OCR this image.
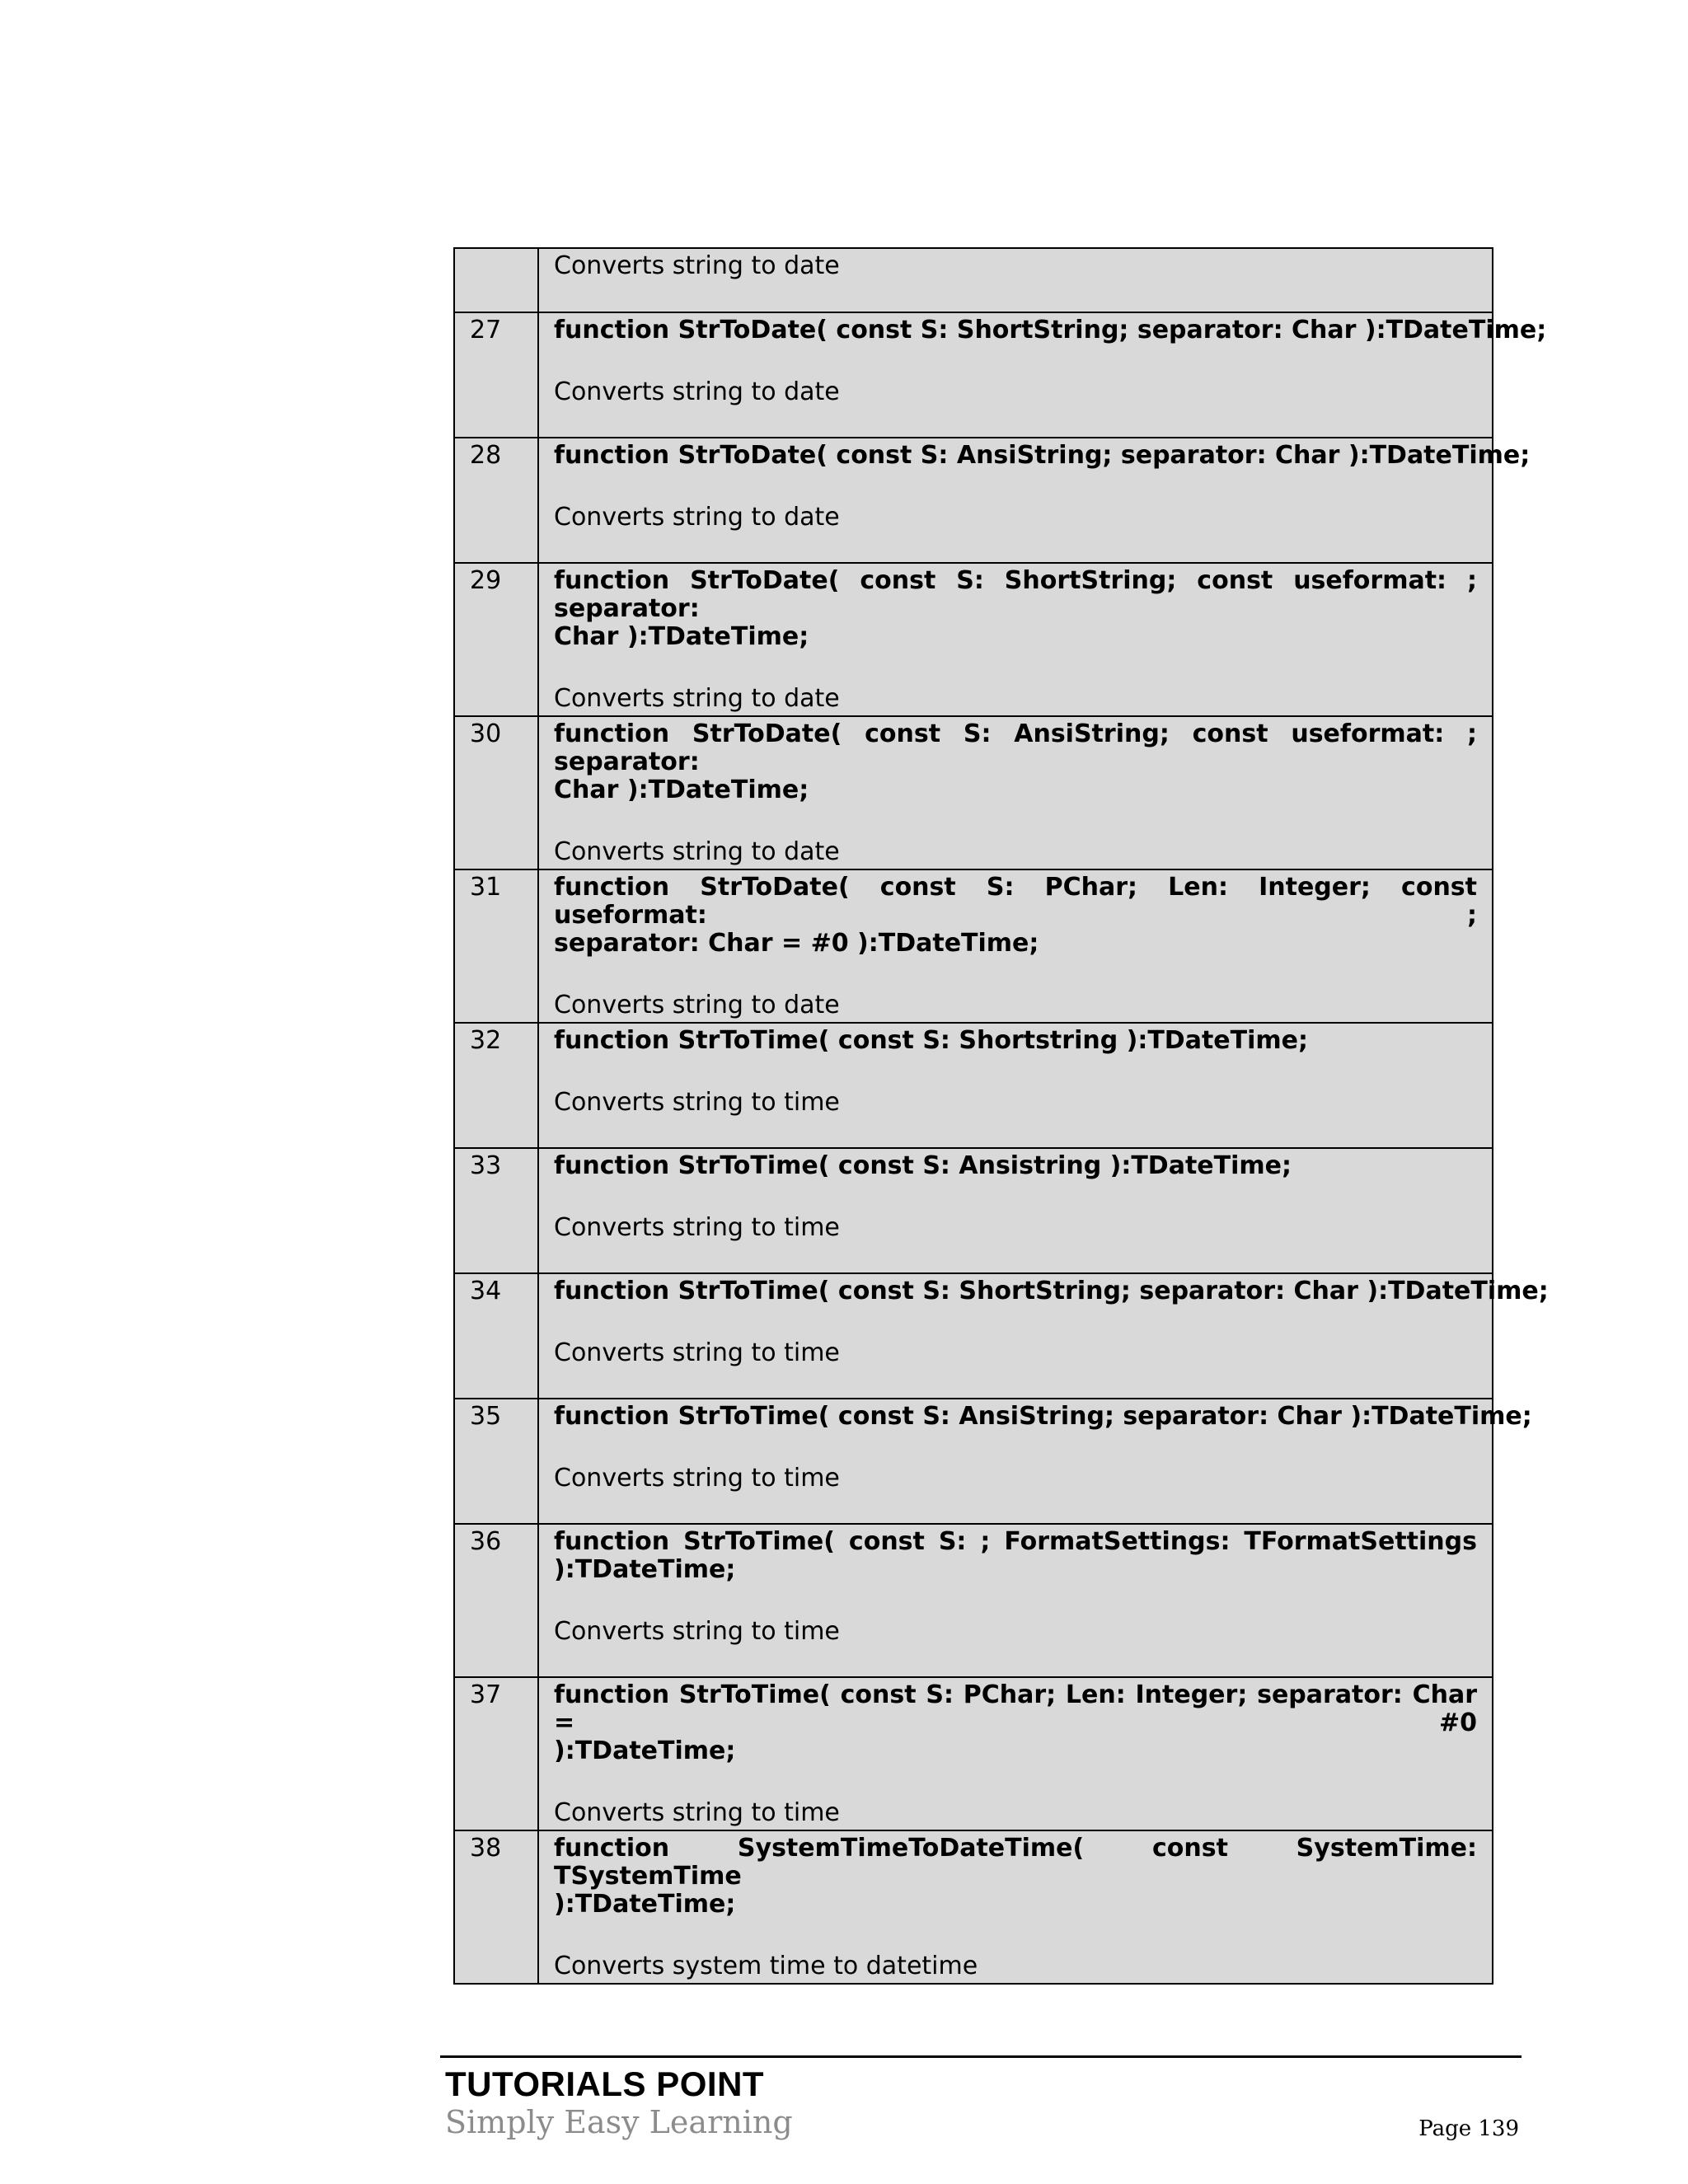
	Converts string to date

27	function StrToDate( const S: ShortString; separator: Char ):TDateTime;
Converts string to date

28	function StrToDate( const S: AnsiString; separator: Char ):TDateTime;
Converts string to date

29	function StrToDate( const S: ShortString; const useformat: ; separator:
Char ):TDateTime;
Converts string to date

30	function StrToDate( const S: AnsiString; const useformat: ; separator:
Char ):TDateTime;
Converts string to date

31	function StrToDate( const S: PChar; Len: Integer; const useformat: ;
separator: Char = #0 ):TDateTime;
Converts string to date

32	function StrToTime( const S: Shortstring ):TDateTime;
Converts string to time

33	function StrToTime( const S: Ansistring ):TDateTime;
Converts string to time

34	function StrToTime( const S: ShortString; separator: Char ):TDateTime;
Converts string to time

35	function StrToTime( const S: AnsiString; separator: Char ):TDateTime;
Converts string to time

36	function StrToTime( const S: ; FormatSettings: TFormatSettings
):TDateTime;
Converts string to time

37	function StrToTime( const S: PChar; Len: Integer; separator: Char = #0
):TDateTime;
Converts string to time

38	function SystemTimeToDateTime( const SystemTime: TSystemTime
):TDateTime;
Converts system time to datetime
TUTORIALS POINT
Simply Easy Learning	Page 139
